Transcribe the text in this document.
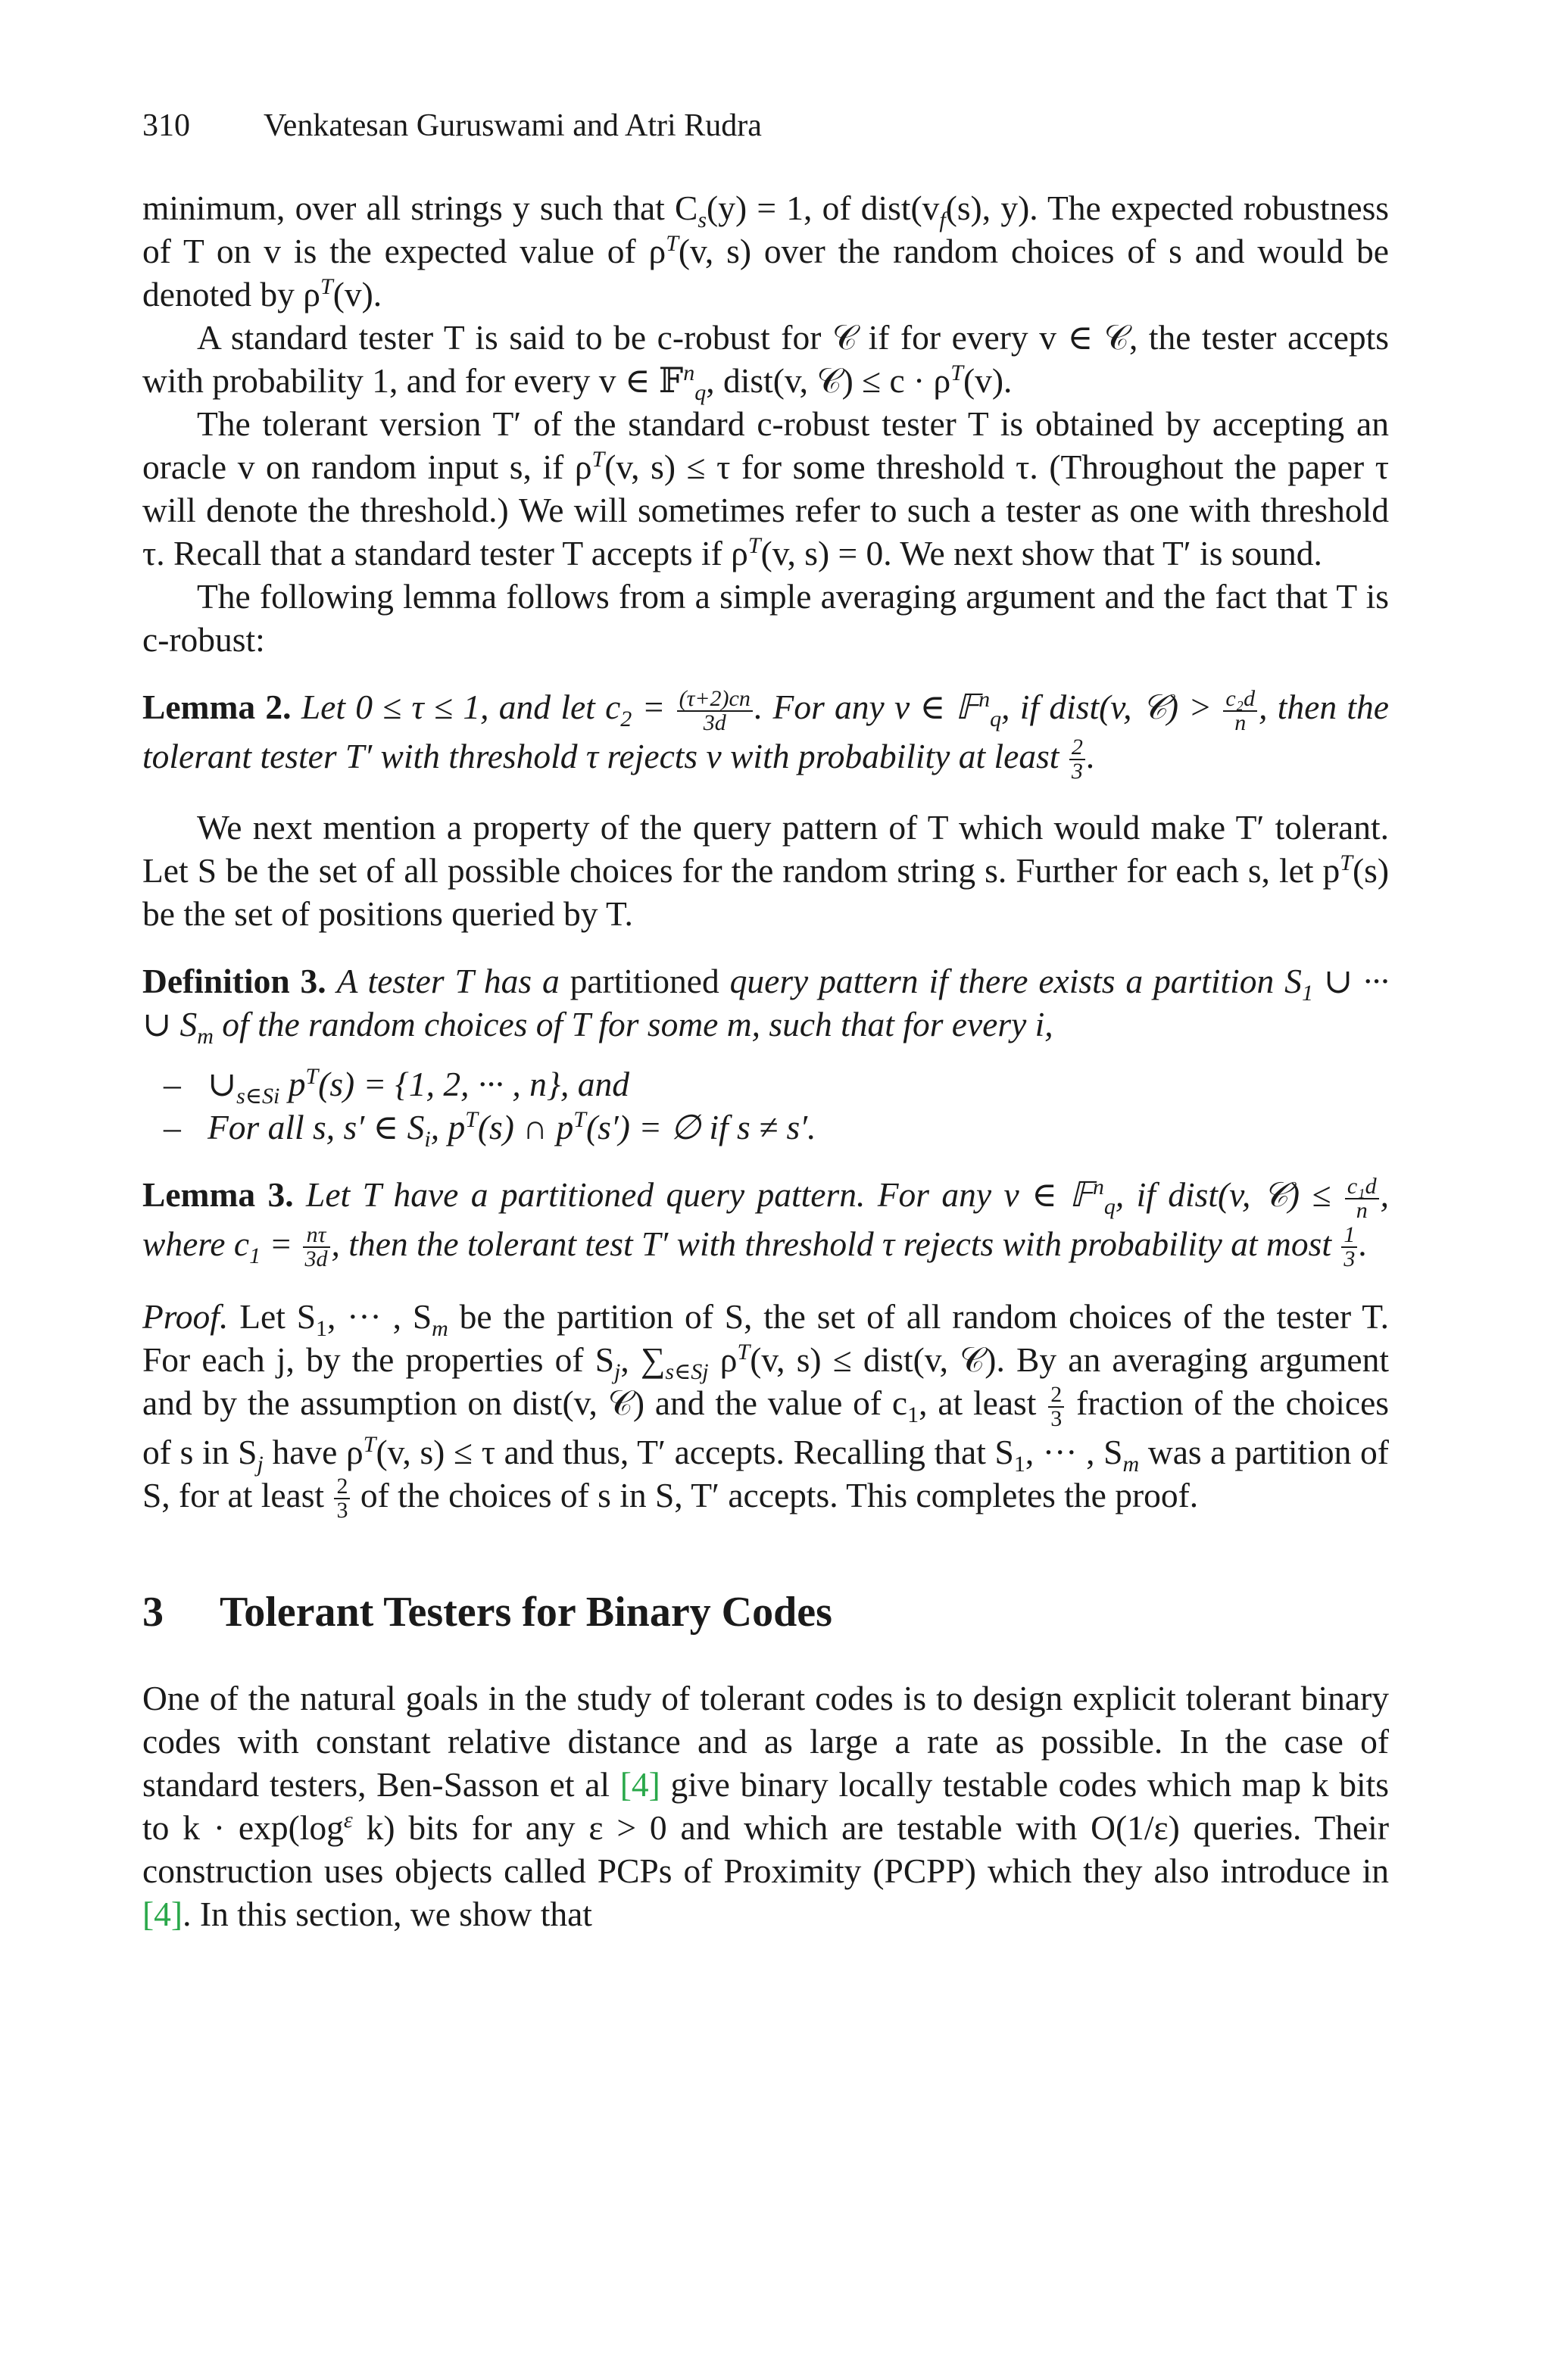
310 Venkatesan Guruswami and Atri Rudra

minimum, over all strings y such that $C_s(y) = 1$, of $dist(v_f(s)$, y). The expected robustness of T on v is the expected value of $\rho^T(v$, s) over the random choices of s and would be denoted by $\rho^T(v)$.

A standard tester T is said to be c-robust for 𝒞 if for every v ∈ 𝒞, the tester accepts with probability 1, and for every v ∈ 𝔽$^n_q$, dist(v, 𝒞) ≤ $c \cdot \rho^T(v)$.

The tolerant version T′ of the standard c-robust tester T is obtained by accepting an oracle v on random input s, if $\rho^T(v$, s) ≤ τ for some threshold τ. (Throughout the paper τ will denote the threshold.) We will sometimes refer to such a tester as one with threshold τ. Recall that a standard tester T accepts if $\rho^T(v$, s) = 0. We next show that T′ is sound.

The following lemma follows from a simple averaging argument and the fact that T is c-robust:

Lemma 2. Let 0 ≤ τ ≤ 1, and let $c_2 = \frac{(\tau+2)cn}{3d}$ . For any v ∈ 𝔽$^n_q$, if dist(v, 𝒞) > $\frac{\text{c₂d}}{n}$ , then the tolerant tester T′ with threshold τ rejects v with probability at least $\frac{2}{3}$ .

We next mention a property of the query pattern of T which would make T′ tolerant. Let S be the set of all possible choices for the random string s. Further for each s, let $p^T(s)$ be the set of positions queried by T.

Definition 3. A tester T has a partitioned query pattern if there exists a partition $S_1$ ∪ ··· ∪ $S_m$ of the random choices of T for some m, such that for every i,
– $\cup_{s\in Si}$ $p^T(s) = \{1$, 2, ··· , n}, and
– For all s, s′ ∈ $S_i$, $p^T(s)$ ∩ $p^T(s')$ = ∅ if s ≠ s′.
Lemma 3. Let T have a partitioned query pattern. For any v ∈ 𝔽$^n_q$, if dist(v, 𝒞) ≤ $\frac{\text{c₁d}}{n}$ , where $c_1 = \frac{n\tau}{3d}$ , then the tolerant test T′ with threshold τ rejects with probability at most $\frac{1}{3}$ .
Proof. Let $S_1$, ··· , $S_m$ be the partition of S, the set of all random choices of the tester T. For each j, by the properties of $S_j$, $\sum_{s\in Sj}$ $\rho^T(v$, s) ≤ dist(v, 𝒞). By an averaging argument and by the assumption on dist(v, 𝒞) and the value of $c_1$, at least $\frac{2}{3}$ fraction of the choices of s in $S_j$ have $\rho^T(v$, s) ≤ τ and thus, T′ accepts. Recalling that $S_1$, ··· , $S_m$ was a partition of S, for at least $\frac{2}{3}$ of the choices of s in S, T′ accepts. This completes the proof.
3 Tolerant Testers for Binary Codes

One of the natural goals in the study of tolerant codes is to design explicit tolerant binary codes with constant relative distance and as large a rate as possible. In the case of standard testers, Ben-Sasson et al [4] give binary locally testable codes which map k bits to $k \cdot \exp(\log^\varepsilon$ k) bits for any ε > 0 and which are testable with O(1/ε) queries. Their construction uses objects called PCPs of Proximity (PCPP) which they also introduce in [4]. In this section, we show that
